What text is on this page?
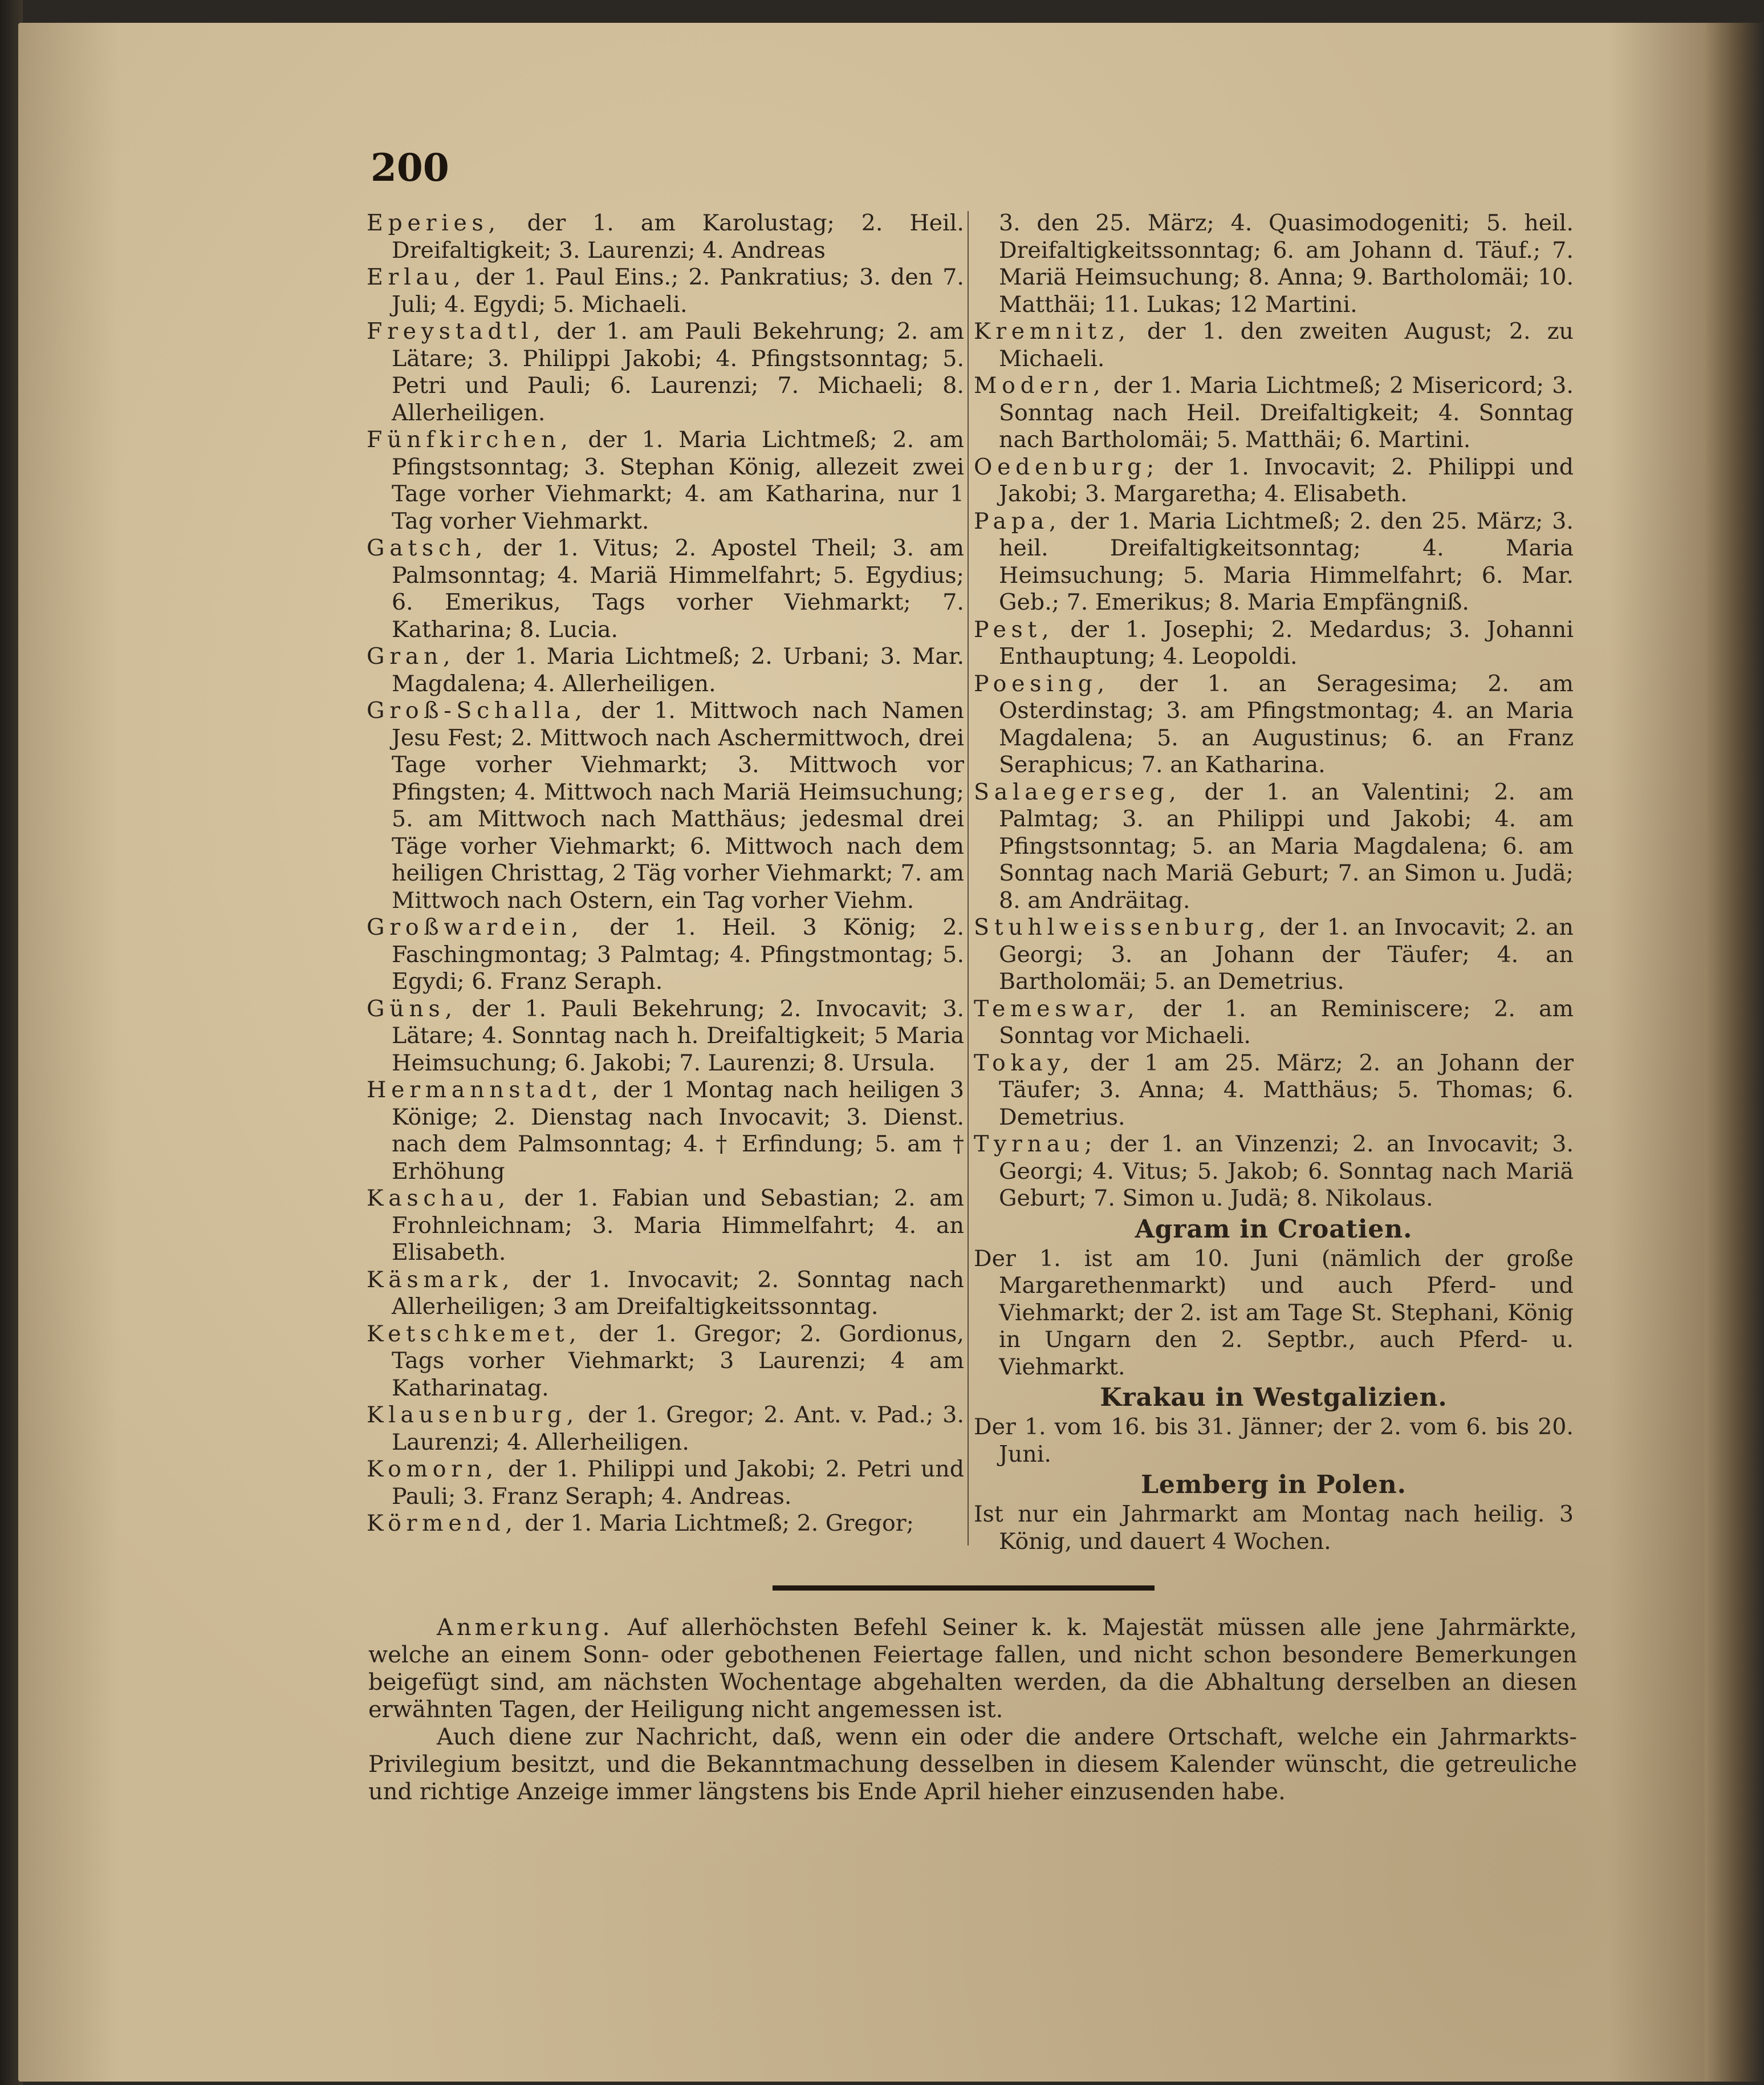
200

Eperies, der 1. am Karolustag; 2. Heil. Dreifaltigkeit; 3. Laurenzi; 4. Andreas

Erlau, der 1. Paul Eins.; 2. Pankratius; 3. den 7. Juli; 4. Egydi; 5. Michaeli.

Freystadtl, der 1. am Pauli Bekehrung; 2. am Lätare; 3. Philippi Jakobi; 4. Pfingstsonntag; 5. Petri und Pauli; 6. Laurenzi; 7. Michaeli; 8. Allerheiligen.

Fünfkirchen, der 1. Maria Lichtmeß; 2. am Pfingstsonntag; 3. Stephan König, allezeit zwei Tage vorher Viehmarkt; 4. am Katharina, nur 1 Tag vorher Viehmarkt.

Gatsch, der 1. Vitus; 2. Apostel Theil; 3. am Palmsonntag; 4. Mariä Himmelfahrt; 5. Egydius; 6. Emerikus, Tags vorher Viehmarkt; 7. Katharina; 8. Lucia.

Gran, der 1. Maria Lichtmeß; 2. Urbani; 3. Mar. Magdalena; 4. Allerheiligen.

Groß-Schalla, der 1. Mittwoch nach Namen Jesu Fest; 2. Mittwoch nach Aschermittwoch, drei Tage vorher Viehmarkt; 3. Mittwoch vor Pfingsten; 4. Mittwoch nach Mariä Heimsuchung; 5. am Mittwoch nach Matthäus; jedesmal drei Täge vorher Viehmarkt; 6. Mittwoch nach dem heiligen Christtag, 2 Täg vorher Viehmarkt; 7. am Mittwoch nach Ostern, ein Tag vorher Viehm.

Großwardein, der 1. Heil. 3 König; 2. Faschingmontag; 3 Palmtag; 4. Pfingstmontag; 5. Egydi; 6. Franz Seraph.

Güns, der 1. Pauli Bekehrung; 2. Invocavit; 3. Lätare; 4. Sonntag nach h. Dreifaltigkeit; 5 Maria Heimsuchung; 6. Jakobi; 7. Laurenzi; 8. Ursula.

Hermannstadt, der 1 Montag nach heiligen 3 Könige; 2. Dienstag nach Invocavit; 3. Dienst. nach dem Palmsonntag; 4. † Erfindung; 5. am † Erhöhung

Kaschau, der 1. Fabian und Sebastian; 2. am Frohnleichnam; 3. Maria Himmelfahrt; 4. an Elisabeth.

Käsmark, der 1. Invocavit; 2. Sonntag nach Allerheiligen; 3 am Dreifaltigkeitssonntag.

Ketschkemet, der 1. Gregor; 2. Gordionus, Tags vorher Viehmarkt; 3 Laurenzi; 4 am Katharinatag.

Klausenburg, der 1. Gregor; 2. Ant. v. Pad.; 3. Laurenzi; 4. Allerheiligen.

Komorn, der 1. Philippi und Jakobi; 2. Petri und Pauli; 3. Franz Seraph; 4. Andreas.

Körmend, der 1. Maria Lichtmeß; 2. Gregor;

3. den 25. März; 4. Quasimodogeniti; 5. heil. Dreifaltigkeitssonntag; 6. am Johann d. Täuf.; 7. Mariä Heimsuchung; 8. Anna; 9. Bartholomäi; 10. Matthäi; 11. Lukas; 12 Martini.

Kremnitz, der 1. den zweiten August; 2. zu Michaeli.

Modern, der 1. Maria Lichtmeß; 2 Misericord; 3. Sonntag nach Heil. Dreifaltigkeit; 4. Sonntag nach Bartholomäi; 5. Matthäi; 6. Martini.

Oedenburg; der 1. Invocavit; 2. Philippi und Jakobi; 3. Margaretha; 4. Elisabeth.

Papa, der 1. Maria Lichtmeß; 2. den 25. März; 3. heil. Dreifaltigkeitsonntag; 4. Maria Heimsuchung; 5. Maria Himmelfahrt; 6. Mar. Geb.; 7. Emerikus; 8. Maria Empfängniß.

Pest, der 1. Josephi; 2. Medardus; 3. Johanni Enthauptung; 4. Leopoldi.

Poesing, der 1. an Seragesima; 2. am Osterdinstag; 3. am Pfingstmontag; 4. an Maria Magdalena; 5. an Augustinus; 6. an Franz Seraphicus; 7. an Katharina.

Salaegerseg, der 1. an Valentini; 2. am Palmtag; 3. an Philippi und Jakobi; 4. am Pfingstsonntag; 5. an Maria Magdalena; 6. am Sonntag nach Mariä Geburt; 7. an Simon u. Judä; 8. am Andräitag.

Stuhlweissenburg, der 1. an Invocavit; 2. an Georgi; 3. an Johann der Täufer; 4. an Bartholomäi; 5. an Demetrius.

Temeswar, der 1. an Reminiscere; 2. am Sonntag vor Michaeli.

Tokay, der 1 am 25. März; 2. an Johann der Täufer; 3. Anna; 4. Matthäus; 5. Thomas; 6. Demetrius.

Tyrnau; der 1. an Vinzenzi; 2. an Invocavit; 3. Georgi; 4. Vitus; 5. Jakob; 6. Sonntag nach Mariä Geburt; 7. Simon u. Judä; 8. Nikolaus.

Agram in Croatien.

Der 1. ist am 10. Juni (nämlich der große Margarethenmarkt) und auch Pferd- und Viehmarkt; der 2. ist am Tage St. Stephani, König in Ungarn den 2. Septbr., auch Pferd- u. Viehmarkt.

Krakau in Westgalizien.

Der 1. vom 16. bis 31. Jänner; der 2. vom 6. bis 20. Juni.

Lemberg in Polen.

Ist nur ein Jahrmarkt am Montag nach heilig. 3 König, und dauert 4 Wochen.

Anmerkung. Auf allerhöchsten Befehl Seiner k. k. Majestät müssen alle jene Jahrmärkte, welche an einem Sonn- oder gebothenen Feiertage fallen, und nicht schon besondere Bemerkungen beigefügt sind, am nächsten Wochentage abgehalten werden, da die Abhaltung derselben an diesen erwähnten Tagen, der Heiligung nicht angemessen ist.

Auch diene zur Nachricht, daß, wenn ein oder die andere Ortschaft, welche ein Jahrmarkts-Privilegium besitzt, und die Bekanntmachung desselben in diesem Kalender wünscht, die getreuliche und richtige Anzeige immer längstens bis Ende April hieher einzusenden habe.
